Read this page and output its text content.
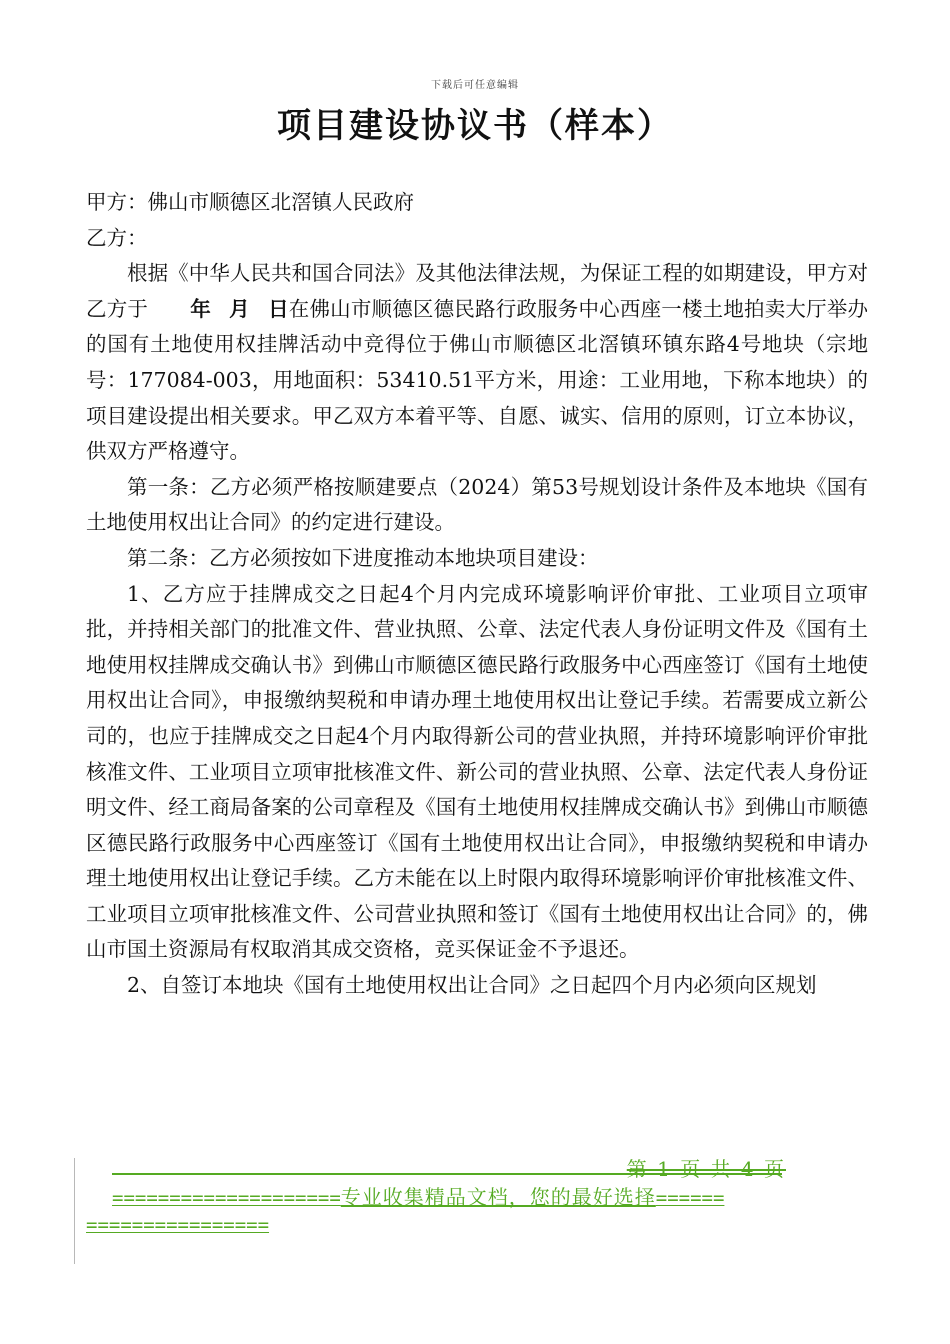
下载后可任意编辑
项目建设协议书（样本）

甲方：佛山市顺德区北滘镇人民政府

乙方：

根据《中华人民共和国合同法》及其他法律法规，为保证工程的如期建设，甲方对乙方于 年 月 日在佛山市顺德区德民路行政服务中心西座一楼土地拍卖大厅举办的国有土地使用权挂牌活动中竞得位于佛山市顺德区北滘镇环镇东路4号地块（宗地号：177084-003，用地面积：53410.51平方米，用途：工业用地，下称本地块）的项目建设提出相关要求。甲乙双方本着平等、自愿、诚实、信用的原则，订立本协议，供双方严格遵守。

第一条：乙方必须严格按顺建要点（2024）第53号规划设计条件及本地块《国有土地使用权出让合同》的约定进行建设。

第二条：乙方必须按如下进度推动本地块项目建设：

1、乙方应于挂牌成交之日起4个月内完成环境影响评价审批、工业项目立项审批，并持相关部门的批准文件、营业执照、公章、法定代表人身份证明文件及《国有土地使用权挂牌成交确认书》到佛山市顺德区德民路行政服务中心西座签订《国有土地使用权出让合同》，申报缴纳契税和申请办理土地使用权出让登记手续。若需要成立新公司的，也应于挂牌成交之日起4个月内取得新公司的营业执照，并持环境影响评价审批核准文件、工业项目立项审批核准文件、新公司的营业执照、公章、法定代表人身份证明文件、经工商局备案的公司章程及《国有土地使用权挂牌成交确认书》到佛山市顺德区德民路行政服务中心西座签订《国有土地使用权出让合同》，申报缴纳契税和申请办理土地使用权出让登记手续。乙方未能在以上时限内取得环境影响评价审批核准文件、工业项目立项审批核准文件、公司营业执照和签订《国有土地使用权出让合同》的，佛山市国土资源局有权取消其成交资格，竞买保证金不予退还。

2、自签订本地块《国有土地使用权出让合同》之日起四个月内必须向区规划

第 1 页 共 4 页
====================专业收集精品文档，您的最好选择======
================
